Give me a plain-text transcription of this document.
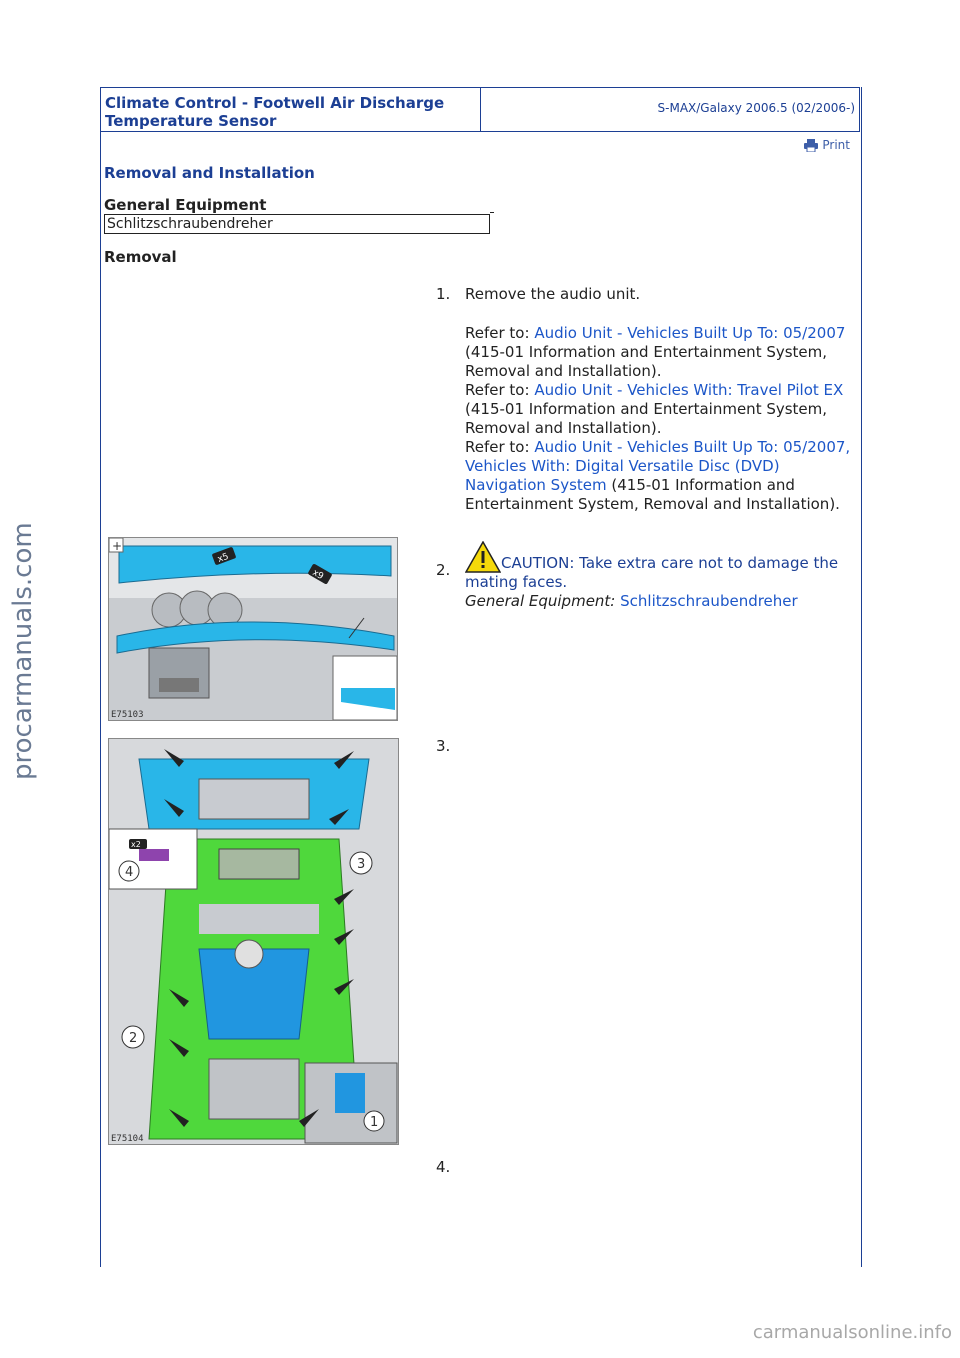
Climate Control - Footwell Air Discharge Temperature Sensor
S-MAX/Galaxy 2006.5 (02/2006-)
Print
Removal and Installation
General Equipment
Schlitzschraubendreher
Removal
1. Remove the audio unit.
Refer to: Audio Unit - Vehicles Built Up To: 05/2007 (415-01 Information and Entertainment System, Removal and Installation).
Refer to: Audio Unit - Vehicles With: Travel Pilot EX (415-01 Information and Entertainment System, Removal and Installation).
Refer to: Audio Unit - Vehicles Built Up To: 05/2007, Vehicles With: Digital Versatile Disc (DVD) Navigation System (415-01 Information and Entertainment System, Removal and Installation).
2.	CAUTION: Take extra care not to damage the mating faces.
General Equipment: Schlitzschraubendreher
+
x5
x9
E75103
3.
x2
1
2
3
4
E75104
4.
procarmanuals.com
carmanualsonline.info
